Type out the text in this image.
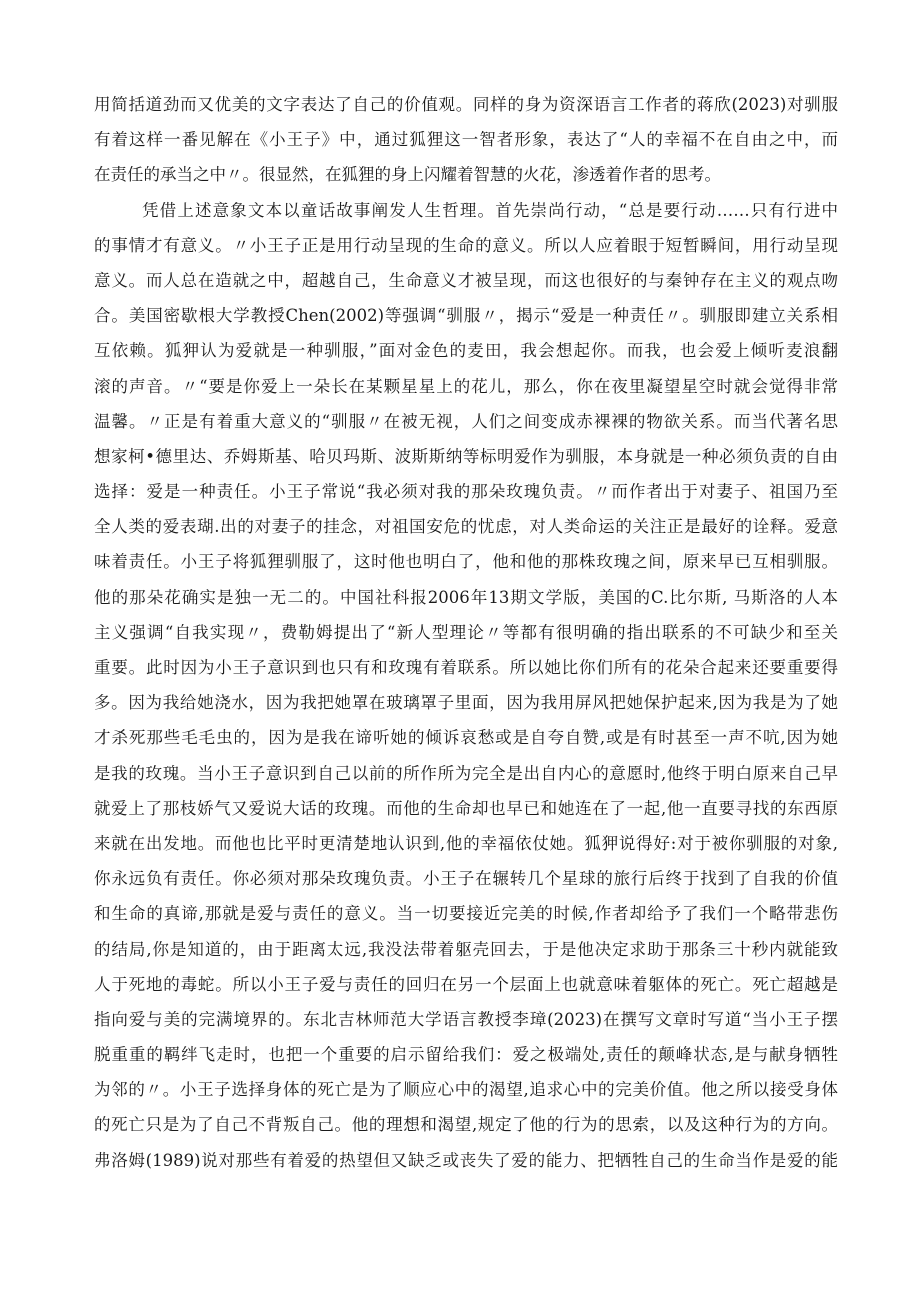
用简括道劲而又优美的文字表达了自己的价值观。同样的身为资深语言工作者的蒋欣(2023)对驯服
有着这样一番见解在《小王子》中，通过狐狸这一智者形象，表达了“人的幸福不在自由之中，而
在责任的承当之中〃。很显然，在狐狸的身上闪耀着智慧的火花，渗透着作者的思考。
凭借上述意象文本以童话故事阐发人生哲理。首先崇尚行动，“总是要行动……只有行进中
的事情才有意义。〃小王子正是用行动呈现的生命的意义。所以人应着眼于短暂瞬间，用行动呈现
意义。而人总在造就之中，超越自己，生命意义才被呈现，而这也很好的与秦钟存在主义的观点吻
合。美国密歇根大学教授Chen(2002)等强调“驯服〃，揭示“爱是一种责任〃。驯服即建立关系相
互依赖。狐狎认为爱就是一种驯服，”面对金色的麦田，我会想起你。而我，也会爱上倾听麦浪翻
滚的声音。〃“要是你爱上一朵长在某颗星星上的花儿，那么，你在夜里凝望星空时就会觉得非常
温馨。〃正是有着重大意义的“驯服〃在被无视，人们之间变成赤裸裸的物欲关系。而当代著名思
想家柯•德里达、乔姆斯基、哈贝玛斯、波斯斯纳等标明爱作为驯服，本身就是一种必须负责的自由
选择：爱是一种责任。小王子常说“我必须对我的那朵玫瑰负责。〃而作者出于对妻子、祖国乃至
全人类的爱表瑚.出的对妻子的挂念，对祖国安危的忧虑，对人类命运的关注正是最好的诠释。爱意
味着责任。小王子将狐狸驯服了，这时他也明白了，他和他的那株玫瑰之间，原来早已互相驯服。
他的那朵花确实是独一无二的。中国社科报2006年13期文学版，美国的C.比尔斯, 马斯洛的人本
主义强调“自我实现〃，费勒姆提出了“新人型理论〃等都有很明确的指出联系的不可缺少和至关
重要。此时因为小王子意识到也只有和玫瑰有着联系。所以她比你们所有的花朵合起来还要重要得
多。因为我给她浇水，因为我把她罩在玻璃罩子里面，因为我用屏风把她保护起来,因为我是为了她
才杀死那些毛毛虫的，因为是我在谛听她的倾诉哀愁或是自夸自赞,或是有时甚至一声不吭,因为她
是我的玫瑰。当小王子意识到自己以前的所作所为完全是出自内心的意愿时,他终于明白原来自己早
就爱上了那枝娇气又爱说大话的玫瑰。而他的生命却也早已和她连在了一起,他一直要寻找的东西原
来就在出发地。而他也比平时更清楚地认识到,他的幸福依仗她。狐狎说得好:对于被你驯服的对象,
你永远负有责任。你必须对那朵玫瑰负责。小王子在辗转几个星球的旅行后终于找到了自我的价值
和生命的真谛,那就是爱与责任的意义。当一切要接近完美的时候,作者却给予了我们一个略带悲伤
的结局,你是知道的，由于距离太远,我没法带着躯壳回去，于是他决定求助于那条三十秒内就能致
人于死地的毒蛇。所以小王子爱与责任的回归在另一个层面上也就意味着躯体的死亡。死亡超越是
指向爱与美的完满境界的。东北吉林师范大学语言教授李璋(2023)在撰写文章时写道“当小王子摆
脱重重的羁绊飞走时，也把一个重要的启示留给我们：爱之极端处,责任的颠峰状态,是与献身牺牲
为邻的〃。小王子选择身体的死亡是为了顺应心中的渴望,追求心中的完美价值。他之所以接受身体
的死亡只是为了自己不背叛自己。他的理想和渴望,规定了他的行为的思索，以及这种行为的方向。
弗洛姆(1989)说对那些有着爱的热望但又缺乏或丧失了爱的能力、把牺牲自己的生命当作是爱的能
